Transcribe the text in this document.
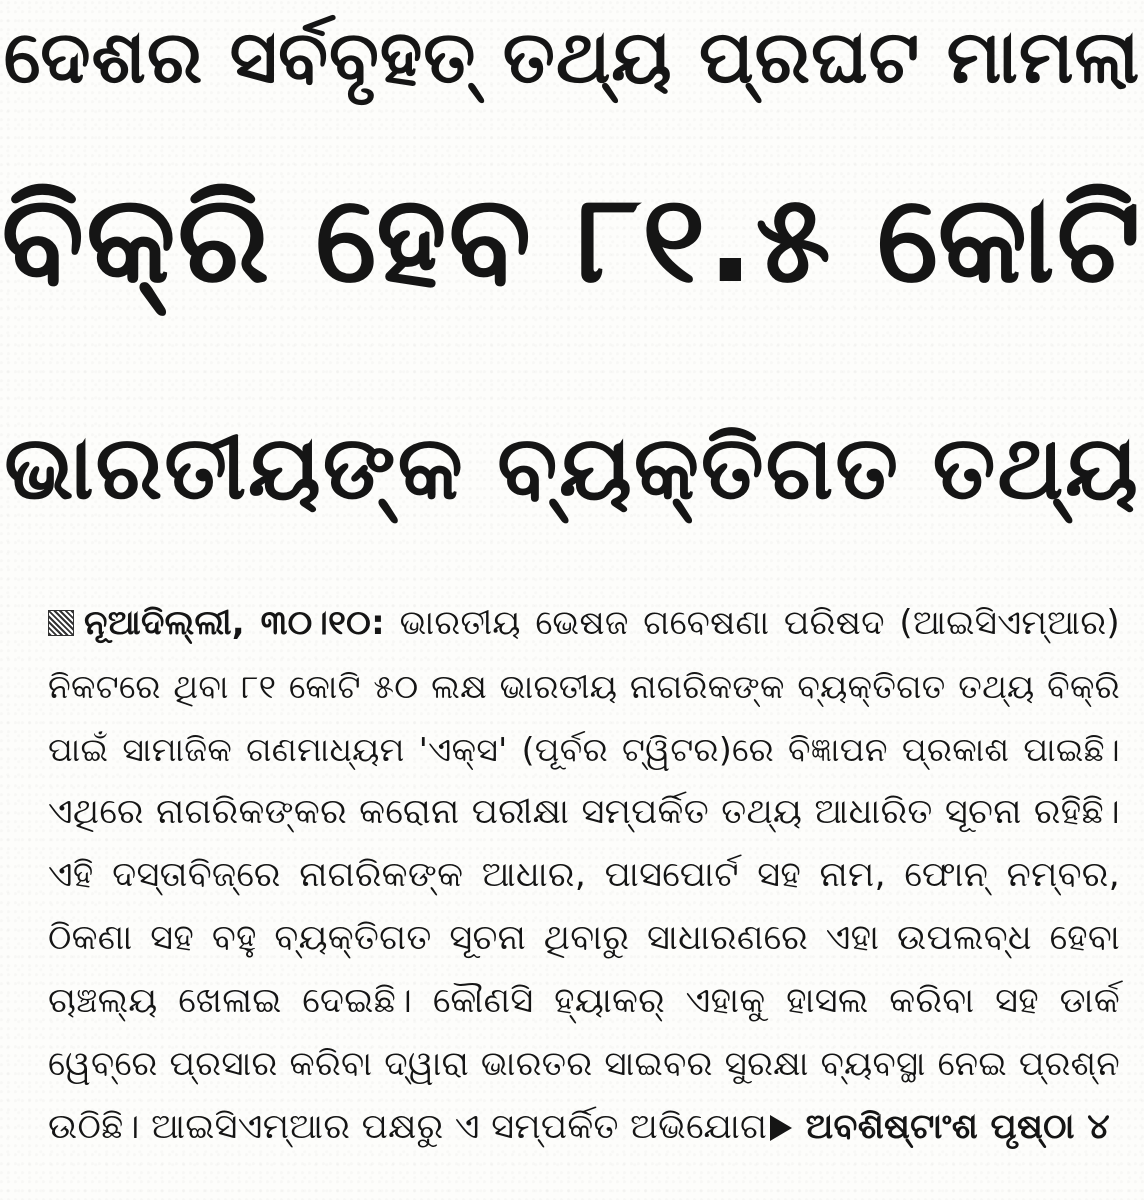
ଦେଶର ସର୍ବବୃହତ୍ ତଥ୍ୟ ପ୍ରଘଟ ମାମଲା
ବିକ୍ରି ହେବ ୮୧.୫ କୋଟି
ଭାରତୀୟଙ୍କ ବ୍ୟକ୍ତିଗତ ତଥ୍ୟ
ନୂଆଦିଲ୍ଲୀ, ୩୦।୧୦: ଭାରତୀୟ ଭେଷଜ ଗବେଷଣା ପରିଷଦ (ଆଇସିଏମ୍ଆର)
ନିକଟରେ ଥିବା ୮୧ କୋଟି ୫୦ ଲକ୍ଷ ଭାରତୀୟ ନାଗରିକଙ୍କ ବ୍ୟକ୍ତିଗତ ତଥ୍ୟ ବିକ୍ରି
ପାଇଁ ସାମାଜିକ ଗଣମାଧ୍ୟମ 'ଏକ୍ସ' (ପୂର୍ବର ଟ୍ୱିଟର)ରେ ବିଜ୍ଞାପନ ପ୍ରକାଶ ପାଇଛି।
ଏଥିରେ ନାଗରିକଙ୍କର କରୋନା ପରୀକ୍ଷା ସମ୍ପର୍କିତ ତଥ୍ୟ ଆଧାରିତ ସୂଚନା ରହିଛି।
ଏହି ଦସ୍ତାବିଜ୍‌ରେ ନାଗରିକଙ୍କ ଆଧାର, ପାସପୋର୍ଟ ସହ ନାମ, ଫୋନ୍ ନମ୍ବର,
ଠିକଣା ସହ ବହୁ ବ୍ୟକ୍ତିଗତ ସୂଚନା ଥିବାରୁ ସାଧାରଣରେ ଏହା ଉପଲବ୍ଧ ହେବା
ଚାଞ୍ଚଲ୍ୟ ଖେଳାଇ ଦେଇଛି। କୌଣସି ହ୍ୟାକର୍ ଏହାକୁ ହାସଲ କରିବା ସହ ଡାର୍କ
ୱେବ୍‌ରେ ପ୍ରସାର କରିବା ଦ୍ୱାରା ଭାରତର ସାଇବର ସୁରକ୍ଷା ବ୍ୟବସ୍ଥା ନେଇ ପ୍ରଶ୍ନ
ଉଠିଛି। ଆଇସିଏମ୍ଆର ପକ୍ଷରୁ ଏ ସମ୍ପର୍କିତ ଅଭିଯୋଗ	ଅବଶିଷ୍ଟାଂଶ ପୃଷ୍ଠା ୪
